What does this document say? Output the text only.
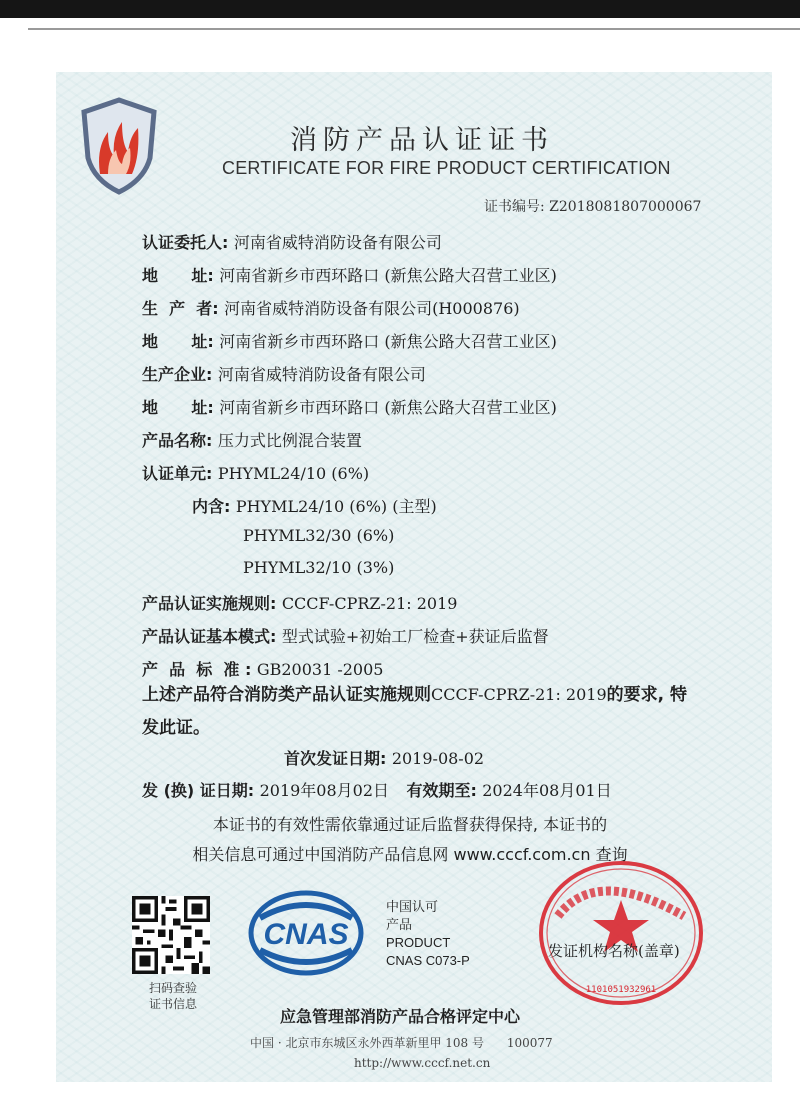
消防产品认证证书
CERTIFICATE FOR FIRE PRODUCT CERTIFICATION
证书编号: Z2018081807000067
认证委托人: 河南省威特消防设备有限公司
地      址: 河南省新乡市西环路口 (新焦公路大召营工业区)
生  产  者: 河南省威特消防设备有限公司(H000876)
地      址: 河南省新乡市西环路口 (新焦公路大召营工业区)
生产企业: 河南省威特消防设备有限公司
地      址: 河南省新乡市西环路口 (新焦公路大召营工业区)
产品名称: 压力式比例混合装置
认证单元: PHYML24/10 (6%)
内含: PHYML24/10 (6%) (主型)
PHYML32/30 (6%)
PHYML32/10 (3%)
产品认证实施规则: CCCF-CPRZ-21: 2019
产品认证基本模式: 型式试验+初始工厂检查+获证后监督
产  品  标  准 : GB20031 -2005
上述产品符合消防类产品认证实施规则CCCF-CPRZ-21: 2019的要求, 特发此证。
首次发证日期: 2019-08-02
发 (换) 证日期: 2019年08月02日 有效期至: 2024年08月01日
本证书的有效性需依靠通过证后监督获得保持, 本证书的
相关信息可通过中国消防产品信息网 www.cccf.com.cn 查询
扫码查验
证书信息
CNAS
中国认可
产品
PRODUCT
CNAS C073-P
1101051932961
发证机构名称(盖章)
应急管理部消防产品合格评定中心
中国 · 北京市东城区永外西革新里甲 108 号      100077
http://www.cccf.net.cn
